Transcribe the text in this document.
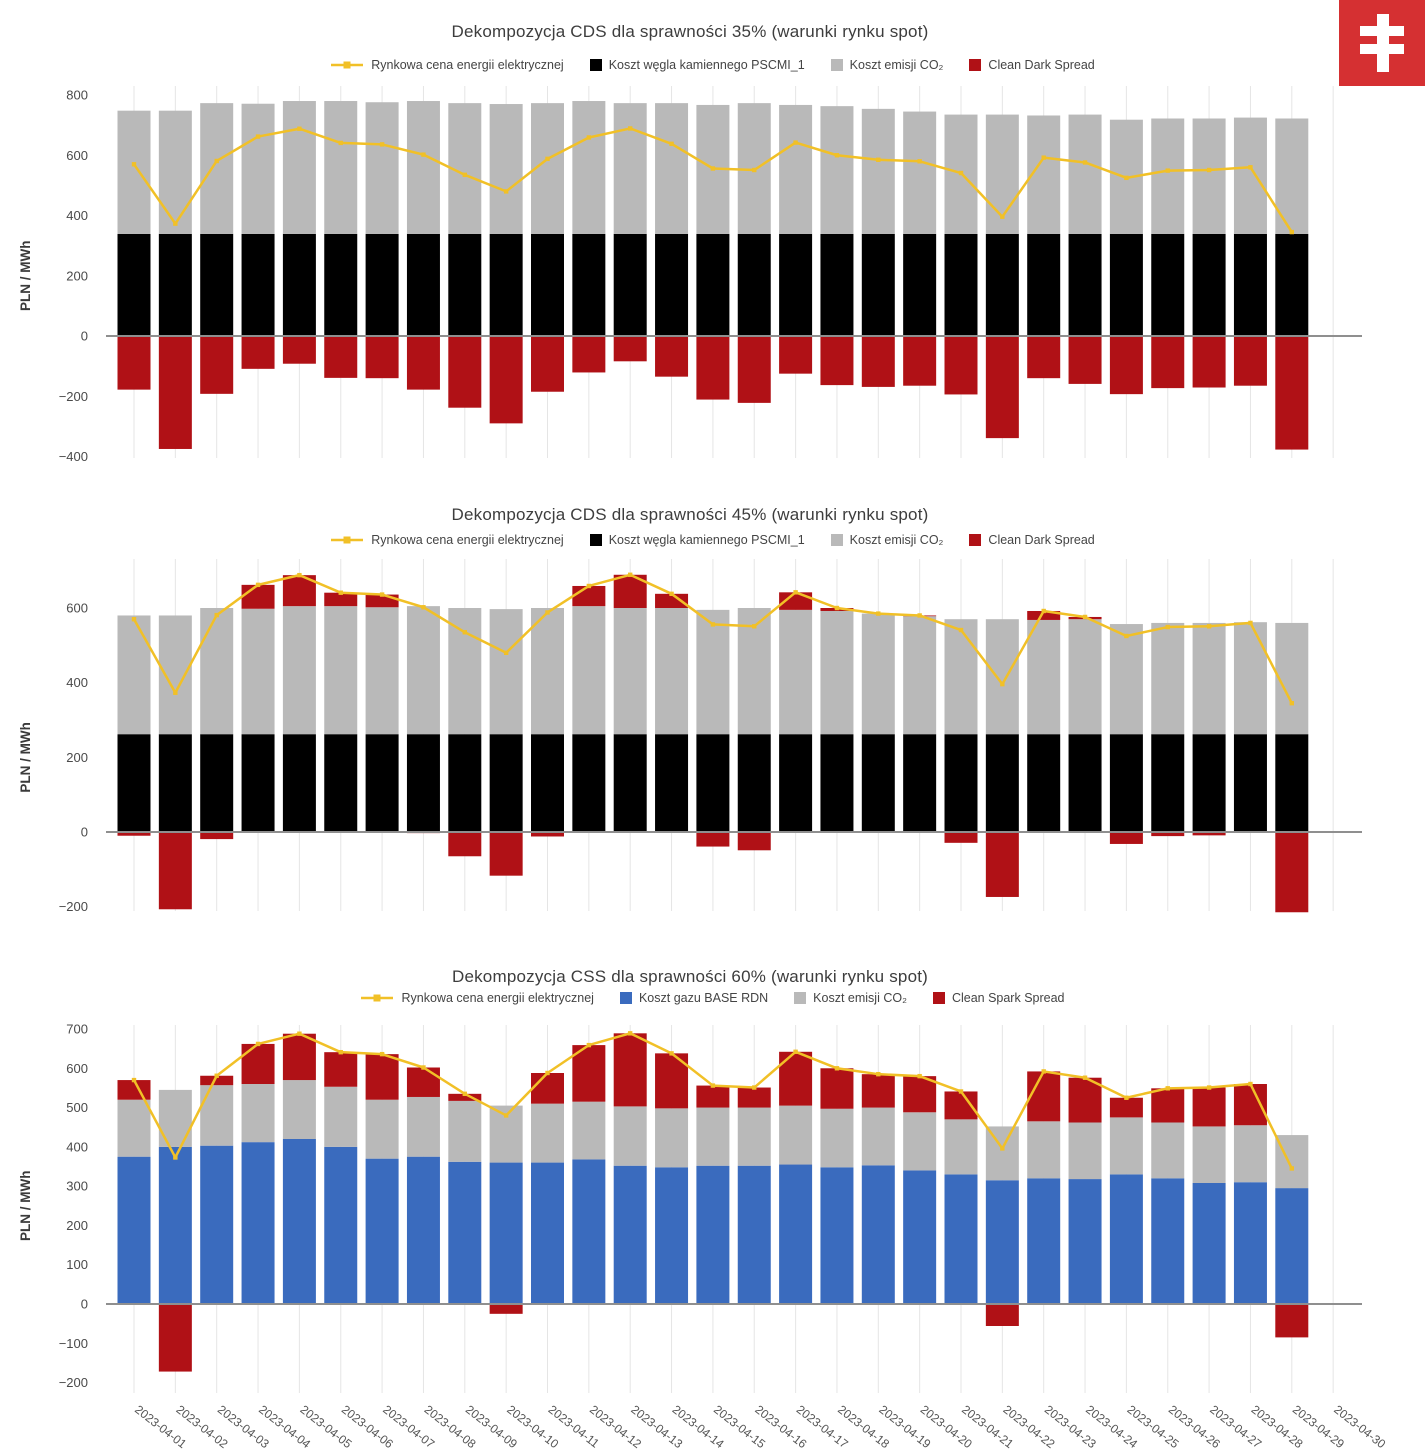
Dekompozycja CDS dla sprawności 35% (warunki rynku spot)
Rynkowa cena energii elektrycznej	Koszt węgla kamiennego PSCMI_1	Koszt emisji CO₂	Clean Dark Spread
800
600
400
200
0
−200
−400
PLN / MWh
Dekompozycja CDS dla sprawności 45% (warunki rynku spot)
Rynkowa cena energii elektrycznej	Koszt węgla kamiennego PSCMI_1	Koszt emisji CO₂	Clean Dark Spread
600
400
200
0
−200
PLN / MWh
Dekompozycja CSS dla sprawności 60% (warunki rynku spot)
Rynkowa cena energii elektrycznej	Koszt gazu BASE RDN	Koszt emisji CO₂	Clean Spark Spread
700
600
500
400
300
200
100
0
−100
−200
PLN / MWh
2023-04-01
2023-04-02
2023-04-03
2023-04-04
2023-04-05
2023-04-06
2023-04-07
2023-04-08
2023-04-09
2023-04-10
2023-04-11
2023-04-12
2023-04-13
2023-04-14
2023-04-15
2023-04-16
2023-04-17
2023-04-18
2023-04-19
2023-04-20
2023-04-21
2023-04-22
2023-04-23
2023-04-24
2023-04-25
2023-04-26
2023-04-27
2023-04-28
2023-04-29
2023-04-30
